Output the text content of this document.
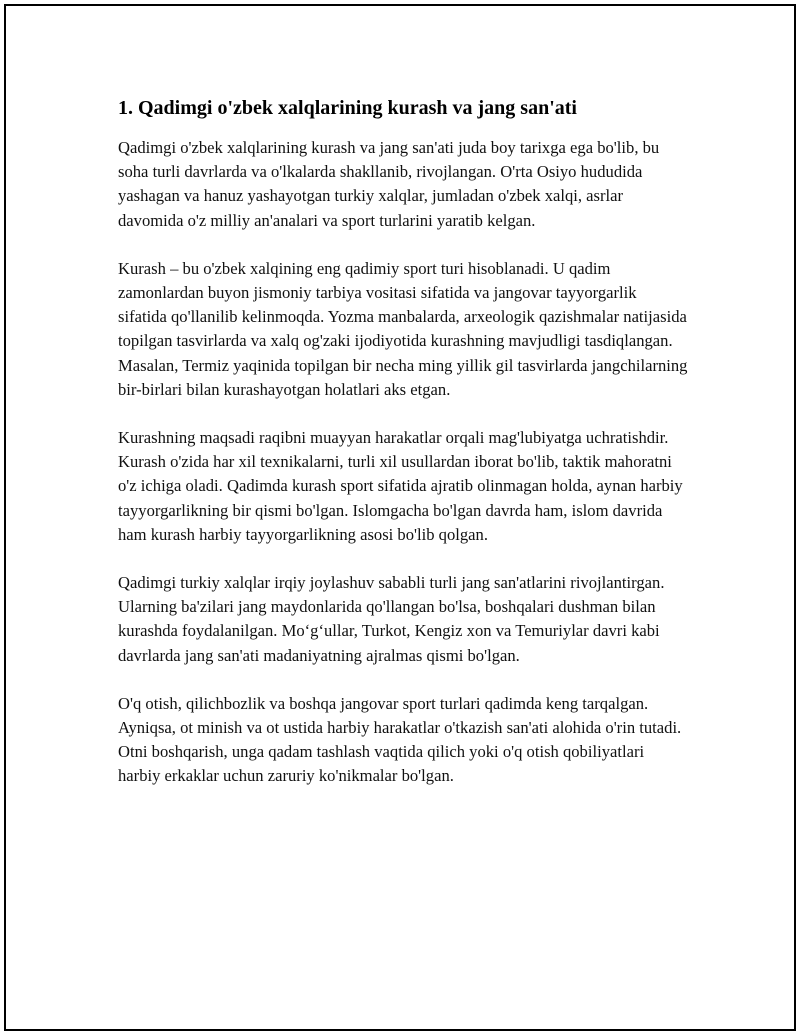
1. Qadimgi o'zbek xalqlarining kurash va jang san'ati

Qadimgi o'zbek xalqlarining kurash va jang san'ati juda boy tarixga ega bo'lib, bu soha turli davrlarda va o'lkalarda shakllanib, rivojlangan. O'rta Osiyo hududida yashagan va hanuz yashayotgan turkiy xalqlar, jumladan o'zbek xalqi, asrlar davomida o'z milliy an'analari va sport turlarini yaratib kelgan.

Kurash – bu o'zbek xalqining eng qadimiy sport turi hisoblanadi. U qadim zamonlardan buyon jismoniy tarbiya vositasi sifatida va jangovar tayyorgarlik sifatida qo'llanilib kelinmoqda. Yozma manbalarda, arxeologik qazishmalar natijasida topilgan tasvirlarda va xalq og'zaki ijodiyotida kurashning mavjudligi tasdiqlangan. Masalan, Termiz yaqinida topilgan bir necha ming yillik gil tasvirlarda jangchilarning bir-birlari bilan kurashayotgan holatlari aks etgan.

Kurashning maqsadi raqibni muayyan harakatlar orqali mag'lubiyatga uchratishdir. Kurash o'zida har xil texnikalarni, turli xil usullardan iborat bo'lib, taktik mahoratni o'z ichiga oladi. Qadimda kurash sport sifatida ajratib olinmagan holda, aynan harbiy tayyorgarlikning bir qismi bo'lgan. Islomgacha bo'lgan davrda ham, islom davrida ham kurash harbiy tayyorgarlikning asosi bo'lib qolgan.

Qadimgi turkiy xalqlar irqiy joylashuv sababli turli jang san'atlarini rivojlantirgan. Ularning ba'zilari jang maydonlarida qo'llangan bo'lsa, boshqalari dushman bilan kurashda foydalanilgan. Mo‘g‘ullar, Turkot, Kengiz xon va Temuriylar davri kabi davrlarda jang san'ati madaniyatning ajralmas qismi bo'lgan.

O'q otish, qilichbozlik va boshqa jangovar sport turlari qadimda keng tarqalgan. Ayniqsa, ot minish va ot ustida harbiy harakatlar o'tkazish san'ati alohida o'rin tutadi. Otni boshqarish, unga qadam tashlash vaqtida qilich yoki o'q otish qobiliyatlari harbiy erkaklar uchun zaruriy ko'nikmalar bo'lgan.
